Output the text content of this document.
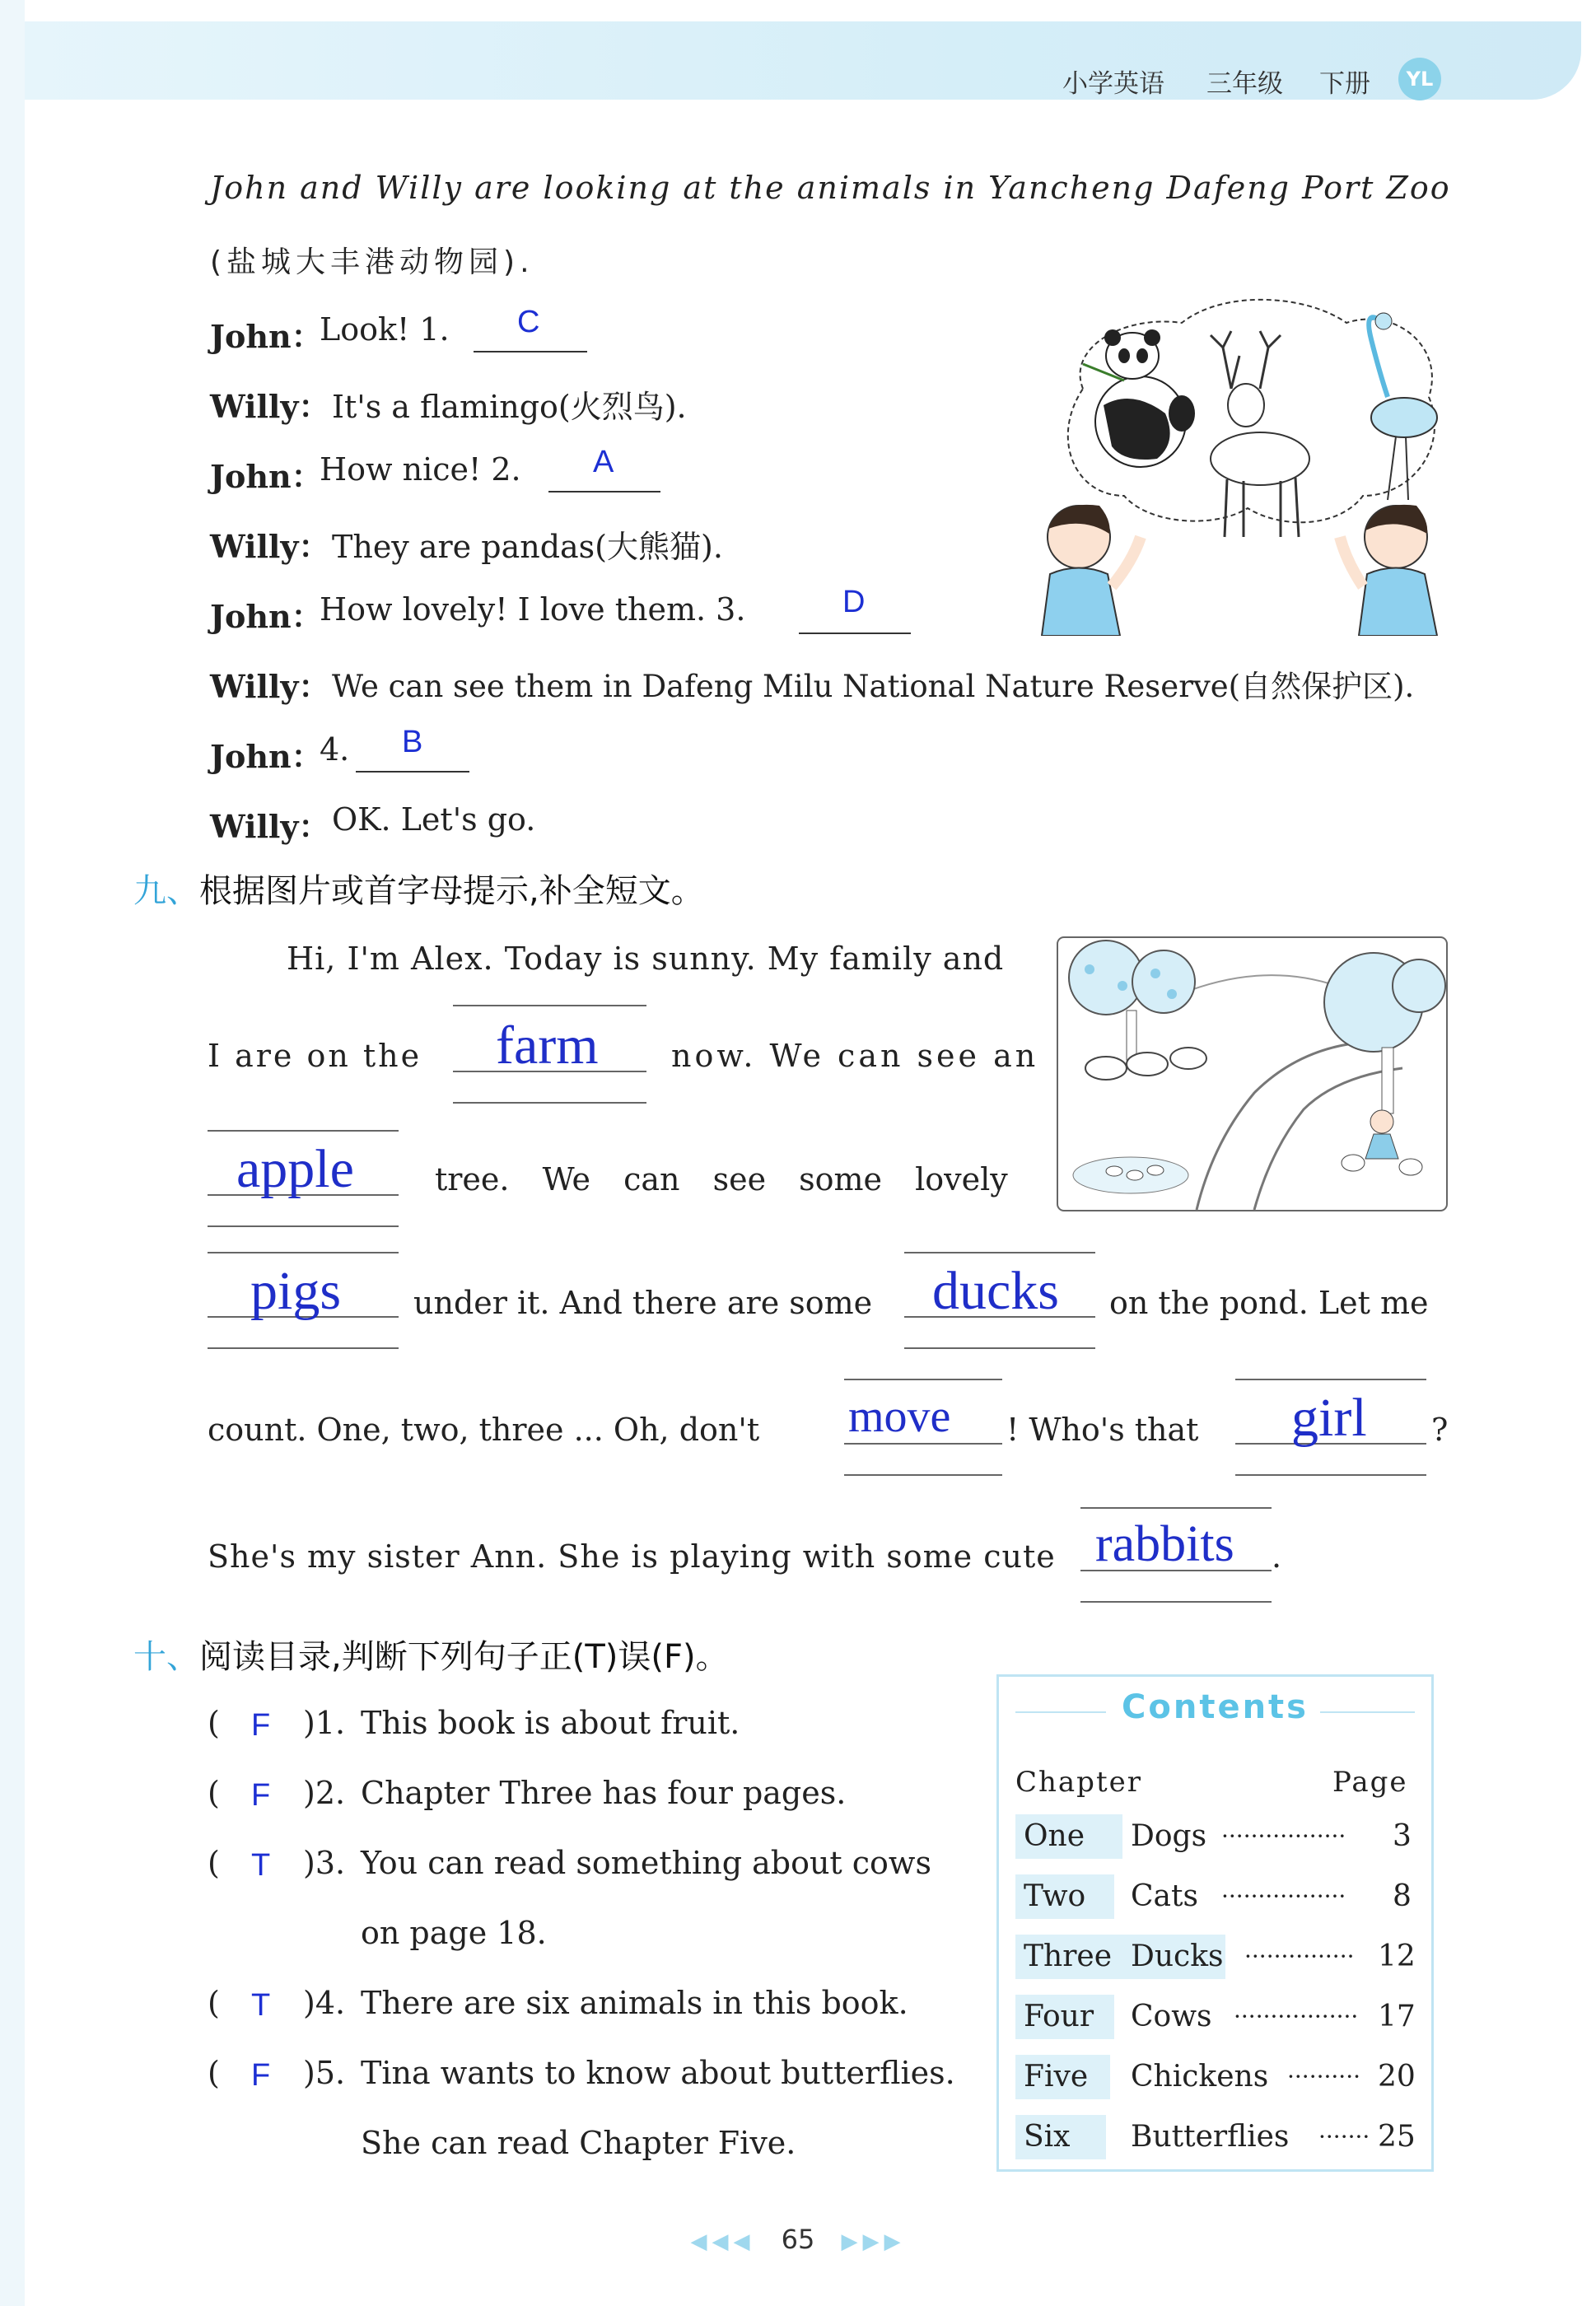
小学英语 三年级 下册	YL
John and Willy are looking at the animals in Yancheng Dafeng Port Zoo
(盐城大丰港动物园).
John：
Look! 1. C
Willy： It's a flamingo(火烈鸟).
John：
How nice! 2. A
Willy： They are pandas(大熊猫).
John：
How lovely! I love them. 3.	D
Willy： We can see them in Dafeng Milu National Nature Reserve(自然保护区).
John：
4. B
Willy： OK. Let's go.
九、根据图片或首字母提示,补全短文。
Hi, I'm Alex. Today is sunny. My family and
I are on the farm now. We can see an
apple	tree. We can see some lovely
pigs under it. And there are some ducks on the pond. Let me
count. One, two, three ... Oh, don't move ! Who's that girl ?
She's my sister Ann. She is playing with some cute rabbits .
十、阅读目录,判断下列句子正(T)误(F)。
( F )1. This book is about fruit.
( F )2. Chapter Three has four pages.
( T )3. You can read something about cows
on page 18.
( T )4. There are six animals in this book.
( F )5. Tina wants to know about butterflies.
She can read Chapter Five.
Contents
Chapter	Page
One Dogs ················· 3
Two Cats ················· 8
Three Ducks ··············· 12
Four Cows ················· 17
Five Chickens ·········· 20
Six Butterflies ······· 25
◀◀◀ 65 ▶▶▶
